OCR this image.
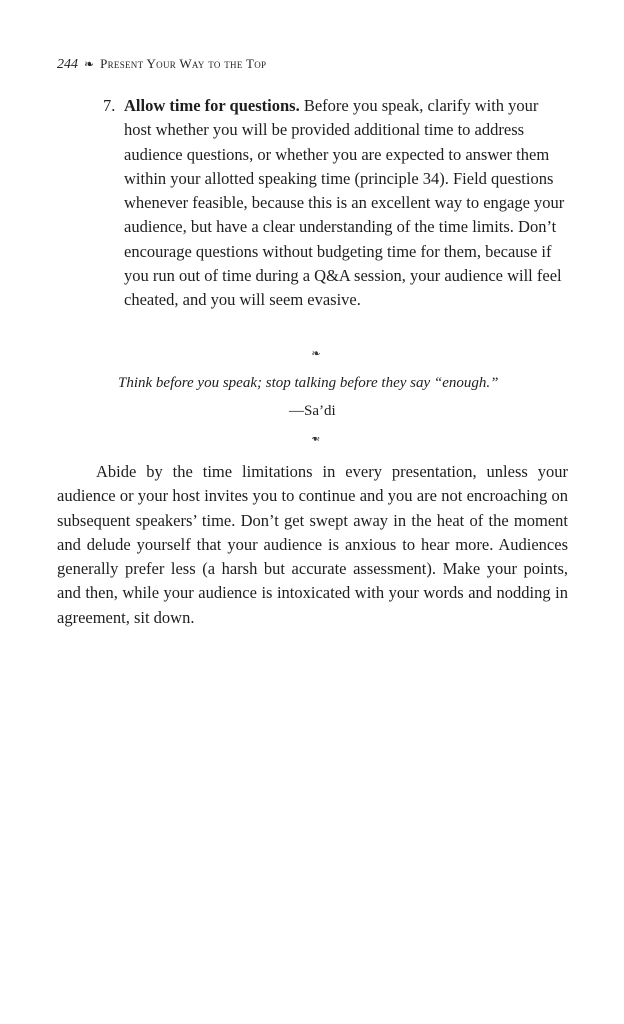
244 ❧ Present Your Way to the Top
7. Allow time for questions. Before you speak, clarify with your host whether you will be provided additional time to address audience questions, or whether you are expected to answer them within your allotted speaking time (principle 34). Field questions whenever feasible, because this is an excellent way to engage your audience, but have a clear understanding of the time limits. Don’t encourage questions without budgeting time for them, because if you run out of time during a Q&A session, your audience will feel cheated, and you will seem evasive.
❧
Think before you speak; stop talking before they say “enough.”
—Sa’di
❧
Abide by the time limitations in every presentation, unless your audience or your host invites you to continue and you are not encroaching on subsequent speakers’ time. Don’t get swept away in the heat of the moment and delude yourself that your audience is anxious to hear more. Audiences generally prefer less (a harsh but accurate assessment). Make your points, and then, while your audience is intoxicated with your words and nodding in agreement, sit down.
